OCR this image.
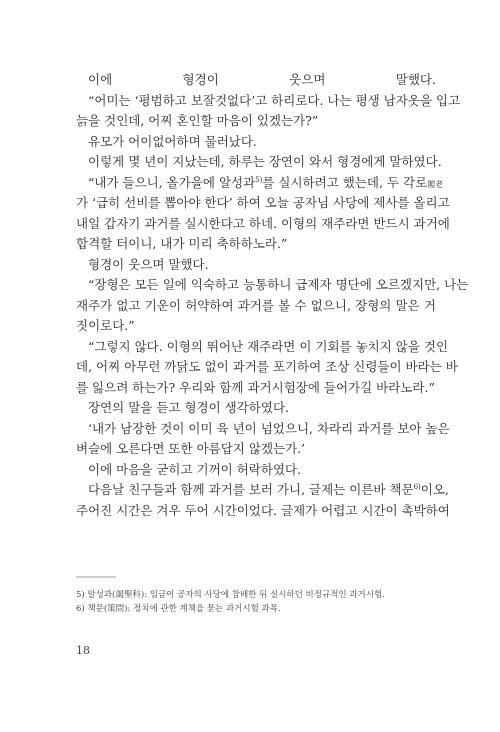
이에 형경이 웃으며 말했다.
“어미는 ‘평범하고 보잘것없다’고 하리로다. 나는 평생 남자옷을 입고
늙을 것인데, 어찌 혼인할 마음이 있겠는가?”
유모가 어이없어하며 물러났다.
이렇게 몇 년이 지났는데, 하루는 장연이 와서 형경에게 말하였다.
“내가 들으니, 올가을에 알성과$^{5)}$를 실시하려고 했는데, 두 각로閣老
가 ‘급히 선비를 뽑아야 한다’ 하여 오늘 공자님 사당에 제사를 올리고
내일 갑자기 과거를 실시한다고 하네. 이형의 재주라면 반드시 과거에
합격할 터이니, 내가 미리 축하하노라.”
형경이 웃으며 말했다.
“장형은 모든 일에 익숙하고 능통하니 급제자 명단에 오르겠지만, 나는
재주가 없고 기운이 허약하여 과거를 볼 수 없으니, 장형의 말은 거
짓이로다.”
“그렇지 않다. 이형의 뛰어난 재주라면 이 기회를 놓치지 않을 것인
데, 어찌 아무런 까닭도 없이 과거를 포기하여 조상 신령들이 바라는 바
를 잃으려 하는가? 우리와 함께 과거시험장에 들어가길 바라노라.”
장연의 말을 듣고 형경이 생각하였다.
‘내가 남장한 것이 이미 육 년이 넘었으니, 차라리 과거를 보아 높은
벼슬에 오른다면 또한 아름답지 않겠는가.’
이에 마음을 굳히고 기꺼이 허락하였다.
다음날 친구들과 함께 과거를 보러 가니, 글제는 이른바 책문$^{6)}$이오,
주어진 시간은 겨우 두어 시간이었다. 글제가 어렵고 시간이 촉박하여
5) 알성과(謁聖科): 임금이 공자의 사당에 참배한 뒤 실시하던 비정규적인 과거시험.
6) 책문(策問): 정치에 관한 계책을 묻는 과거시험 과목.
18
